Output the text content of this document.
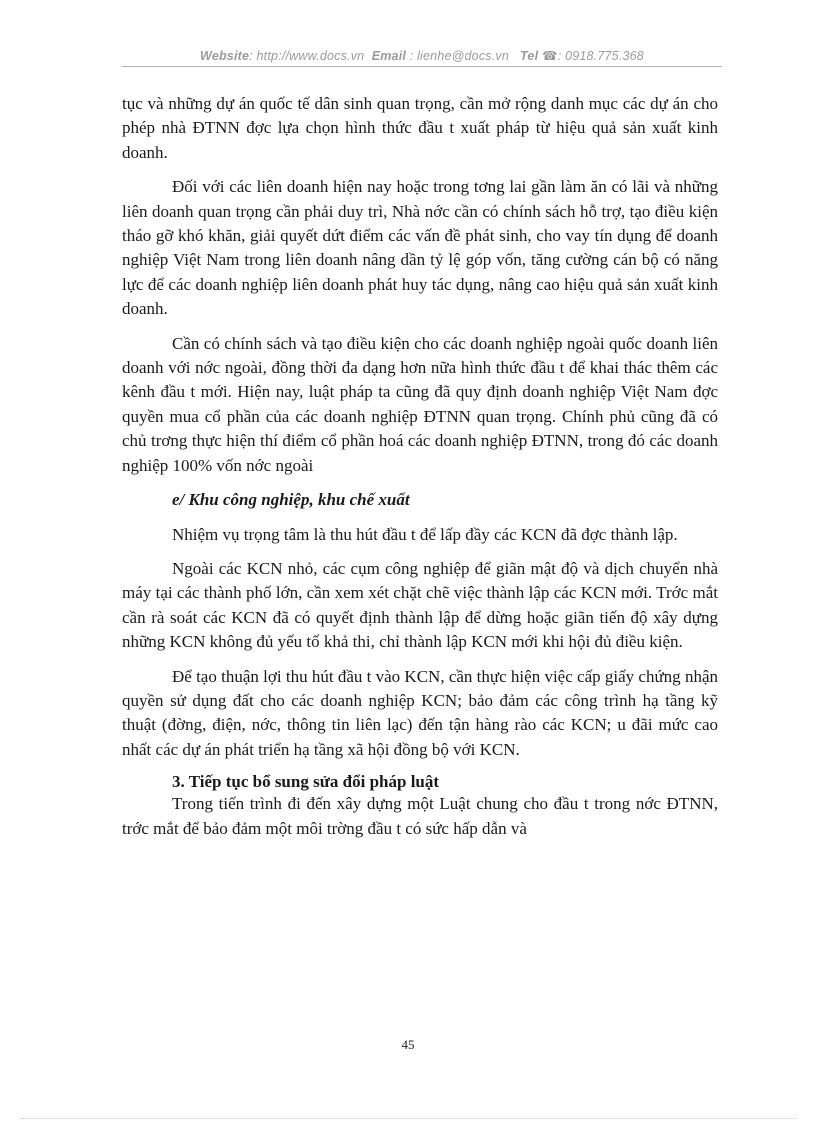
Website: http://www.docs.vn Email : lienhe@docs.vn Tel ☎: 0918.775.368

tục và những dự án quốc tế dân sinh quan trọng, cần mở rộng danh mục các dự án cho phép nhà ĐTNN đợc lựa chọn hình thức đầu t xuất pháp từ hiệu quả sản xuất kinh doanh.

Đối với các liên doanh hiện nay hoặc trong tơng lai gần làm ăn có lãi và những liên doanh quan trọng cần phải duy trì, Nhà nớc cần có chính sách hỗ trợ, tạo điều kiện tháo gỡ khó khăn, giải quyết dứt điểm các vấn đề phát sinh, cho vay tín dụng để doanh nghiệp Việt Nam trong liên doanh nâng dần tỷ lệ góp vốn, tăng cường cán bộ có năng lực để các doanh nghiệp liên doanh phát huy tác dụng, nâng cao hiệu quả sản xuất kinh doanh.

Cần có chính sách và tạo điều kiện cho các doanh nghiệp ngoài quốc doanh liên doanh với nớc ngoài, đồng thời đa dạng hơn nữa hình thức đầu t để khai thác thêm các kênh đầu t mới. Hiện nay, luật pháp ta cũng đã quy định doanh nghiệp Việt Nam đợc quyền mua cổ phần của các doanh nghiệp ĐTNN quan trọng. Chính phủ cũng đã có chủ trơng thực hiện thí điểm cổ phần hoá các doanh nghiệp ĐTNN, trong đó các doanh nghiệp 100% vốn nớc ngoài

e/ Khu công nghiệp, khu chế xuất

Nhiệm vụ trọng tâm là thu hút đầu t để lấp đầy các KCN đã đợc thành lập.

Ngoài các KCN nhỏ, các cụm công nghiệp để giãn mật độ và dịch chuyển nhà máy tại các thành phố lớn, cần xem xét chặt chẽ việc thành lập các KCN mới. Trớc mắt cần rà soát các KCN đã có quyết định thành lập để dừng hoặc giãn tiến độ xây dựng những KCN không đủ yếu tố khả thi, chỉ thành lập KCN mới khi hội đủ điều kiện.

Để tạo thuận lợi thu hút đầu t vào KCN, cần thực hiện việc cấp giấy chứng nhận quyền sử dụng đất cho các doanh nghiệp KCN; bảo đảm các công trình hạ tầng kỹ thuật (đờng, điện, nớc, thông tin liên lạc) đến tận hàng rào các KCN; u đãi mức cao nhất các dự án phát triển hạ tầng xã hội đồng bộ với KCN.

3. Tiếp tục bổ sung sửa đổi pháp luật

Trong tiến trình đi đến xây dựng một Luật chung cho đầu t trong nớc ĐTNN, trớc mắt để bảo đảm một môi trờng đầu t có sức hấp dẫn và

45
